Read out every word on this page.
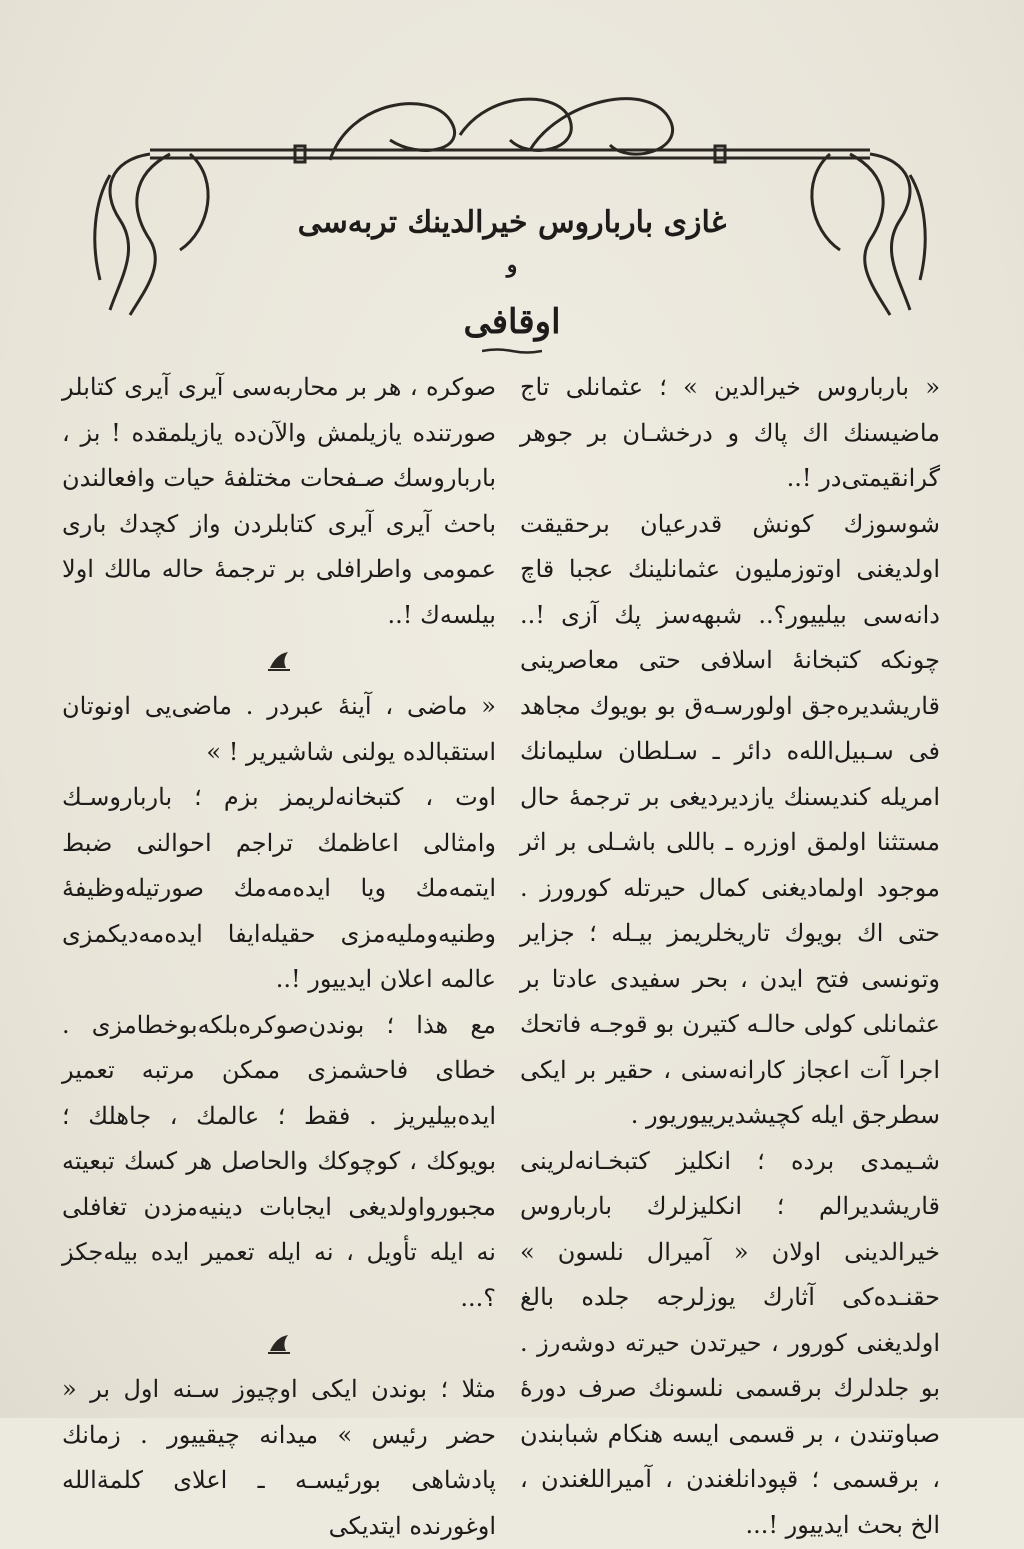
غازی بارباروس خیرالدینك تربه‌سی
و
اوقافی

« بارباروس خیرالدین » ؛ عثمانلی تاج ماضیسنك اك پاك و درخشـان بر جوهر گرانقیمتی‌در !..

شوسوزك کونش قدرعیان برحقیقت اولدیغنی اوتوزملیون عثمانلینك عجبا قاچ دانه‌سی بیلییور؟.. شبهه‌سز پك آزی !.. چونکه کتبخانهٔ اسلافی حتی معاصرینی قاریشدیره‌جق اولورسـه‌ق بو بویوك مجاهد فی سـبیل‌الله‌ه دائر ـ سـلطان سلیمانك امریله کندیسنك یازدیردیغی بر ترجمهٔ حال مستثنا اولمق اوزره ـ باللی باشـلی بر اثر موجود اولمادیغنی کمال حیرتله کورورز . حتی اك بویوك تاریخلریمز بیـله ؛ جزایر وتونسی فتح ایدن ، بحر سفیدی عادتا بر عثمانلی کولی حالـه کتیرن بو قوجـه فاتحك اجرا آت اعجاز کارانه‌سنی ، حقیر بر ایکی سطرجق ایله کچیشدیرییوریور .

شـیمدی برده ؛ انکلیز کتبخـانه‌لرینی قاریشدیرالم ؛ انکلیزلرك بارباروس خیرالدینی اولان « آمیرال نلسون » حقنـده‌کی آثارك یوزلرجه جلده بالغ اولدیغنی کورور ، حیرتدن حیرته دوشه‌رز . بو جلدلرك برقسمی نلسونك صرف دورهٔ صباوتندن ، بر قسمی ایسه هنکام شبابندن ، برقسمی ؛ قپودانلغندن ، آمیراللغندن ، الخ بحث ایدییور !...

صوکره ، هر بر محاربه‌سی آیری آیری کتابلر صورتنده یازیلمش والآن‌ده یازیلمقده ! بز ، بارباروسك صـفحات مختلفهٔ حیات وافعالندن باحث آیری آیری کتابلردن واز کچدك باری عمومی واطرافلی بر ترجمهٔ حاله مالك اولا بیلسه‌ك !..

« ماضی ، آینه‌ٔ عبردر . ماضی‌یی اونوتان استقبالده یولنی شاشیریر ! »

اوت ، کتبخانه‌لریمز بزم ؛ بارباروسـك وامثالی اعاظمك تراجم احوالنی ضبط ایتمه‌مك ویا ایده‌مه‌مك صورتیله‌وظیفهٔ وطنیه‌وملیه‌مزی حقیله‌ایفا ایده‌مه‌دیکمزی عالمه اعلان ایدییور !..

مع هذا ؛ بوندن‌صوکره‌بلکه‌بوخطامزی . خطای فاحشمزی ممکن مرتبه تعمیر ایده‌بیلیریز . فقط ؛ عالمك ، جاهلك ؛ بویوکك ، کوچوکك والحاصل هر کسك تبعیته مجبورواولدیغی ایجابات دینیه‌مزدن تغافلی نه ایله تأویل ، نه ایله تعمیر ایده بیله‌جکز ؟...

مثلا ؛ بوندن ایکی اوچیوز سـنه اول بر « حضر رئیس » میدانه چیقییور . زمانك پادشاهی بورئیسـه ـ اعلای کلمةالله اوغورنده ایتدیکی
